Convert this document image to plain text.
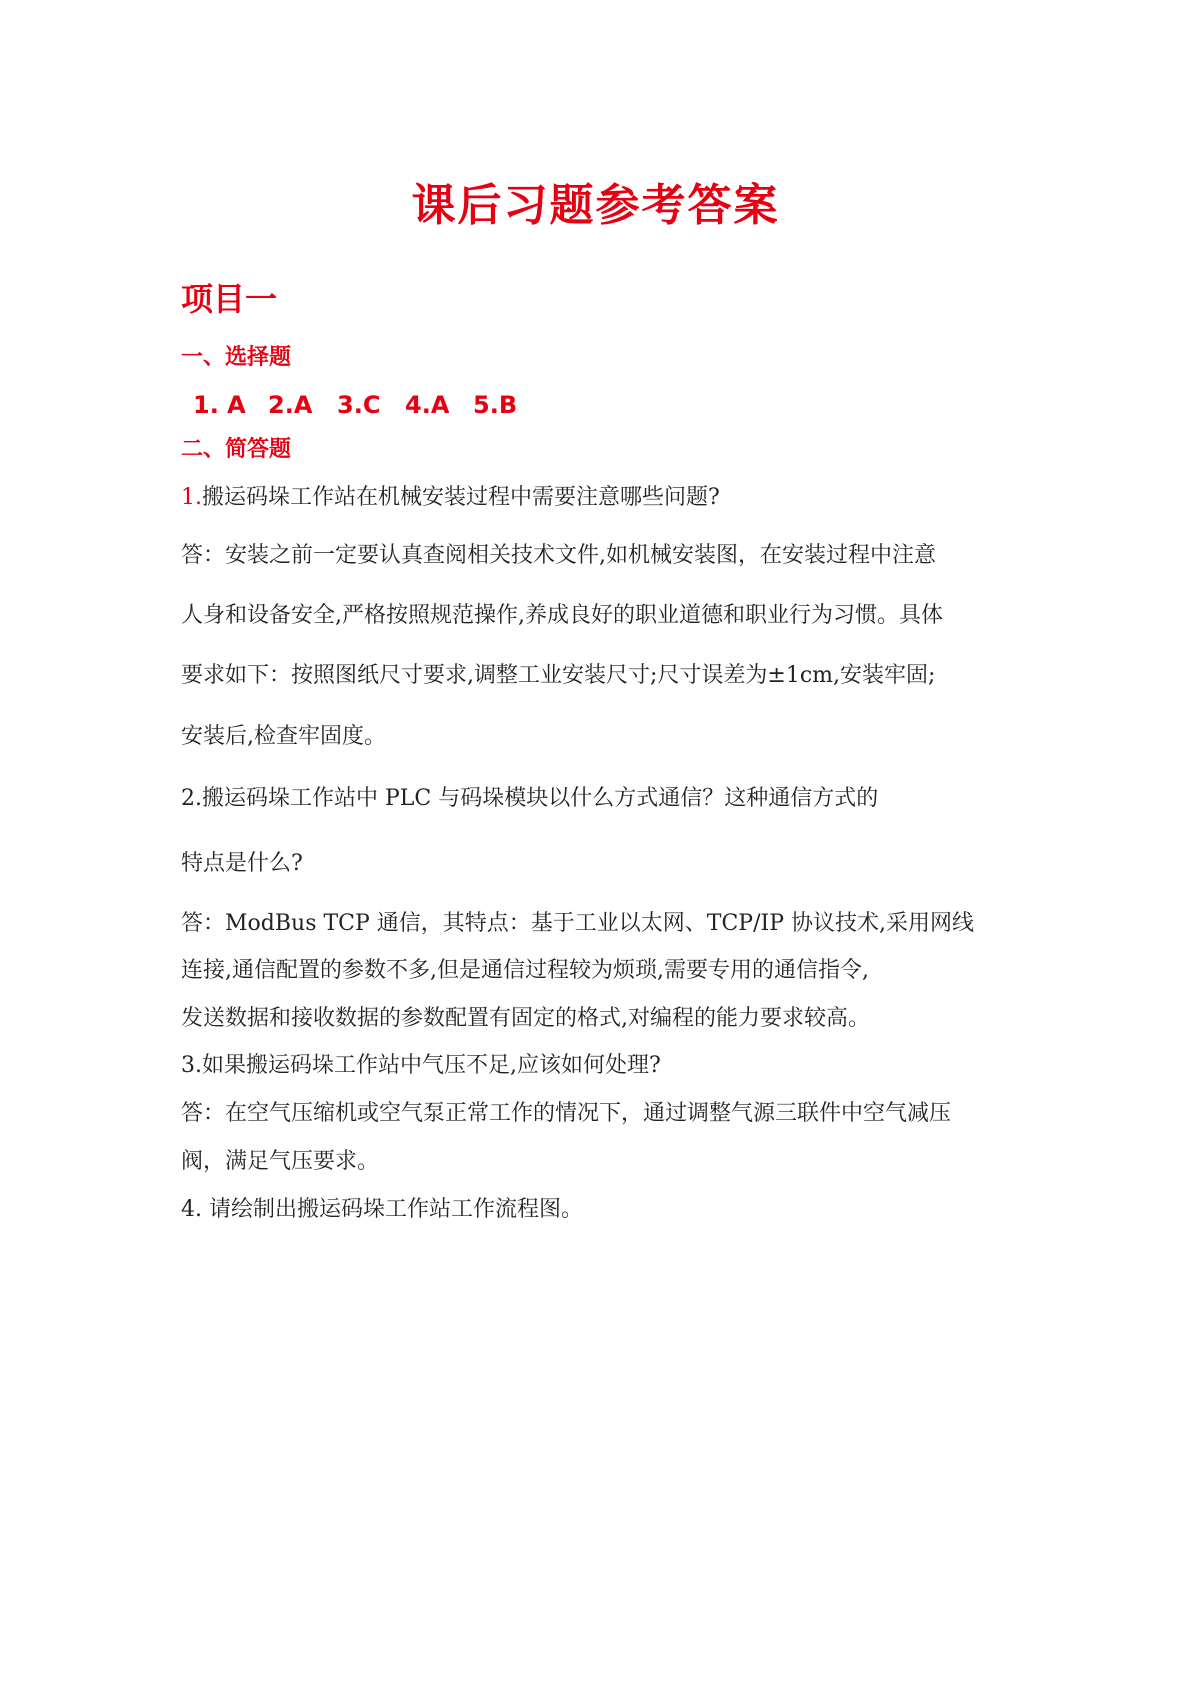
课后习题参考答案
项目一
一、选择题
1. A 2.A	3.C	4.A 5.B
二、简答题
1.搬运码垛工作站在机械安装过程中需要注意哪些问题?
答：安装之前一定要认真查阅相关技术文件,如机械安装图，在安装过程中注意
人身和设备安全,严格按照规范操作,养成良好的职业道德和职业行为习惯。具体
要求如下：按照图纸尺寸要求,调整工业安装尺寸;尺寸误差为±1cm,安装牢固;
安装后,检查牢固度。
2.搬运码垛工作站中 PLC 与码垛模块以什么方式通信？这种通信方式的
特点是什么?
答：ModBus TCP 通信，其特点：基于工业以太网、TCP/IP 协议技术,采用网线
连接,通信配置的参数不多,但是通信过程较为烦琐,需要专用的通信指令,
发送数据和接收数据的参数配置有固定的格式,对编程的能力要求较高。
3.如果搬运码垛工作站中气压不足,应该如何处理?
答：在空气压缩机或空气泵正常工作的情况下，通过调整气源三联件中空气减压
阀，满足气压要求。
4. 请绘制出搬运码垛工作站工作流程图。
